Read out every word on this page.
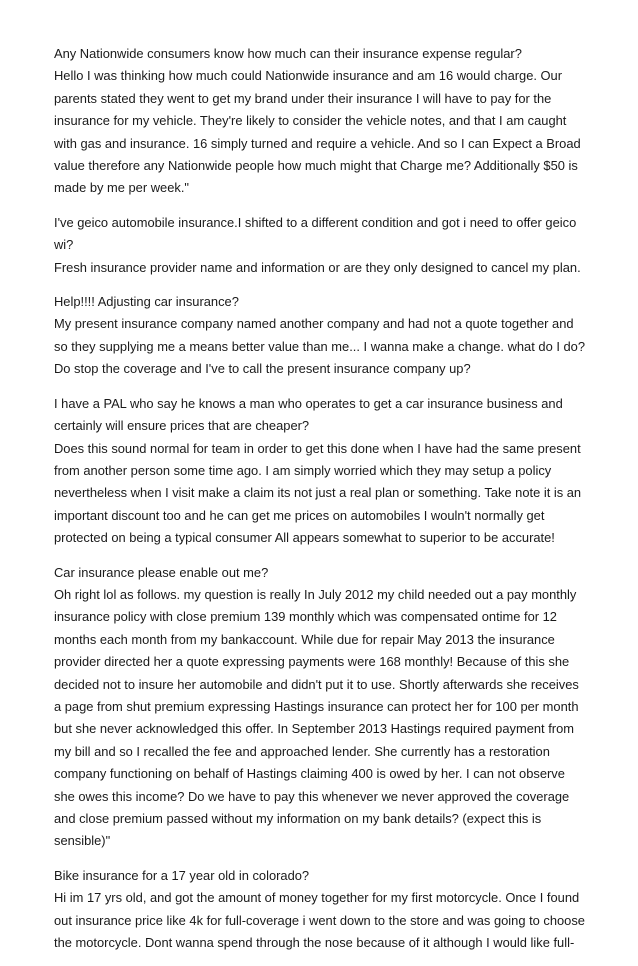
Any Nationwide consumers know how much can their insurance expense regular?
Hello I was thinking how much could Nationwide insurance and am 16 would charge. Our
parents stated they went to get my brand under their insurance I will have to pay for the
insurance for my vehicle. They're likely to consider the vehicle notes, and that I am caught
with gas and insurance. 16 simply turned and require a vehicle. And so I can Expect a Broad
value therefore any Nationwide people how much might that Charge me? Additionally $50 is
made by me per week."
I've geico automobile insurance.I shifted to a different condition and got i need to offer geico
wi?
Fresh insurance provider name and information or are they only designed to cancel my plan.
Help!!!! Adjusting car insurance?
My present insurance company named another company and had not a quote together and
so they supplying me a means better value than me... I wanna make a change. what do I do?
Do stop the coverage and I've to call the present insurance company up?
I have a PAL who say he knows a man who operates to get a car insurance business and
certainly will ensure prices that are cheaper?
Does this sound normal for team in order to get this done when I have had the same present
from another person some time ago. I am simply worried which they may setup a policy
nevertheless when I visit make a claim its not just a real plan or something. Take note it is an
important discount too and he can get me prices on automobiles I wouln't normally get
protected on being a typical consumer All appears somewhat to superior to be accurate!
Car insurance please enable out me?
Oh right lol as follows. my question is really In July 2012 my child needed out a pay monthly
insurance policy with close premium 139 monthly which was compensated ontime for 12
months each month from my bankaccount. While due for repair May 2013 the insurance
provider directed her a quote expressing payments were 168 monthly! Because of this she
decided not to insure her automobile and didn't put it to use. Shortly afterwards she receives
a page from shut premium expressing Hastings insurance can protect her for 100 per month
but she never acknowledged this offer. In September 2013 Hastings required payment from
my bill and so I recalled the fee and approached lender. She currently has a restoration
company functioning on behalf of Hastings claiming 400 is owed by her. I can not observe
she owes this income? Do we have to pay this whenever we never approved the coverage
and close premium passed without my information on my bank details? (expect this is
sensible)"
Bike insurance for a 17 year old in colorado?
Hi im 17 yrs old, and got the amount of money together for my first motorcycle. Once I found
out insurance price like 4k for full-coverage i went down to the store and was going to choose
the motorcycle. Dont wanna spend through the nose because of it although I would like full-
